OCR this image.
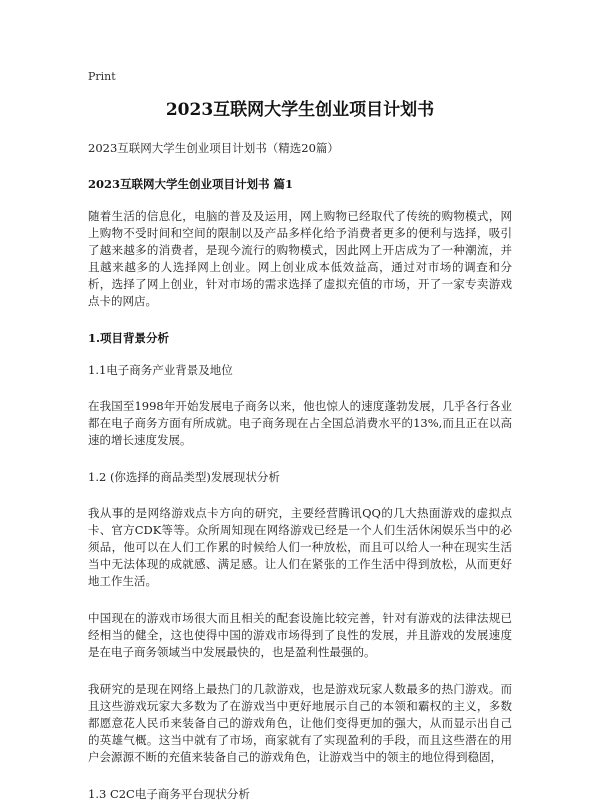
Print
2023互联网大学生创业项目计划书

2023互联网大学生创业项目计划书（精选20篇）

2023互联网大学生创业项目计划书 篇1

随着生活的信息化，电脑的普及及运用，网上购物已经取代了传统的购物模式，网上购物不受时间和空间的限制以及产品多样化给予消费者更多的便利与选择，吸引了越来越多的消费者，是现今流行的购物模式，因此网上开店成为了一种潮流，并且越来越多的人选择网上创业。网上创业成本低效益高，通过对市场的调查和分析，选择了网上创业，针对市场的需求选择了虚拟充值的市场，开了一家专卖游戏点卡的网店。

1.项目背景分析

1.1电子商务产业背景及地位

在我国至1998年开始发展电子商务以来，他也惊人的速度蓬勃发展，几乎各行各业都在电子商务方面有所成就。电子商务现在占全国总消费水平的13%,而且正在以高速的增长速度发展。

1.2 (你选择的商品类型)发展现状分析

我从事的是网络游戏点卡方向的研究，主要经营腾讯QQ的几大热面游戏的虚拟点卡、官方CDK等等。众所周知现在网络游戏已经是一个人们生活休闲娱乐当中的必须品，他可以在人们工作累的时候给人们一种放松，而且可以给人一种在现实生活当中无法体现的成就感、满足感。让人们在紧张的工作生活中得到放松，从而更好地工作生活。

中国现在的游戏市场很大而且相关的配套设施比较完善，针对有游戏的法律法规已经相当的健全，这也使得中国的游戏市场得到了良性的发展，并且游戏的发展速度是在电子商务领域当中发展最快的，也是盈利性最强的。

我研究的是现在网络上最热门的几款游戏，也是游戏玩家人数最多的热门游戏。而且这些游戏玩家大多数为了在游戏当中更好地展示自己的本领和霸权的主义，多数都愿意花人民币来装备自己的游戏角色，让他们变得更加的强大，从而显示出自己的英雄气概。这当中就有了市场，商家就有了实现盈利的手段，而且这些潜在的用户会源源不断的充值来装备自己的游戏角色，让游戏当中的领主的地位得到稳固，

1.3 C2C电子商务平台现状分析
